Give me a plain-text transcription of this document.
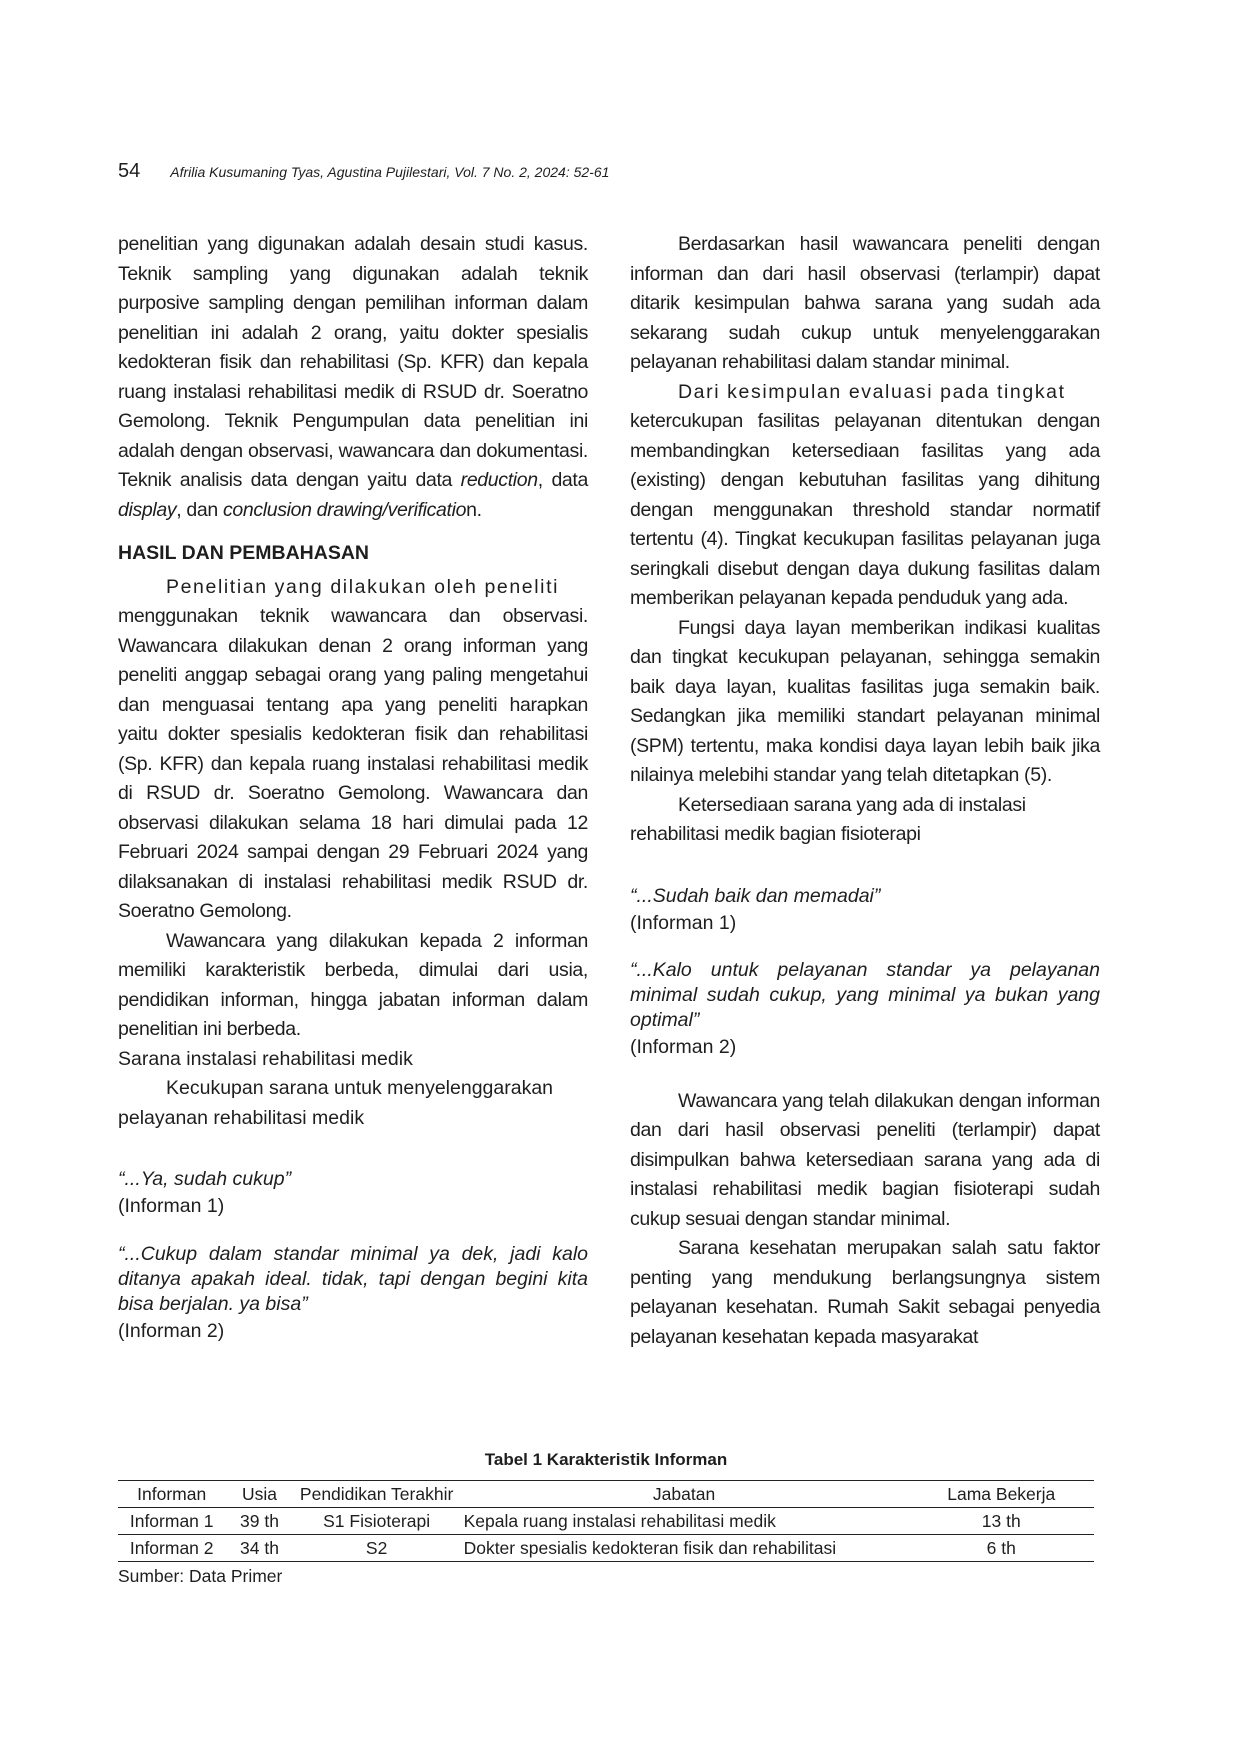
54 Afrilia Kusumaning Tyas, Agustina Pujilestari, Vol. 7 No. 2, 2024: 52-61

penelitian yang digunakan adalah desain studi kasus. Teknik sampling yang digunakan adalah teknik purposive sampling dengan pemilihan informan dalam penelitian ini adalah 2 orang, yaitu dokter spesialis kedokteran fisik dan rehabilitasi (Sp. KFR) dan kepala ruang instalasi rehabilitasi medik di RSUD dr. Soeratno Gemolong. Teknik Pengumpulan data penelitian ini adalah dengan observasi, wawancara dan dokumentasi. Teknik analisis data dengan yaitu data reduction, data display, dan conclusion drawing/verification.

HASIL DAN PEMBAHASAN

Penelitian yang dilakukan oleh peneliti

menggunakan teknik wawancara dan observasi. Wawancara dilakukan denan 2 orang informan yang peneliti anggap sebagai orang yang paling mengetahui dan menguasai tentang apa yang peneliti harapkan yaitu dokter spesialis kedokteran fisik dan rehabilitasi (Sp. KFR) dan kepala ruang instalasi rehabilitasi medik di RSUD dr. Soeratno Gemolong. Wawancara dan observasi dilakukan selama 18 hari dimulai pada 12 Februari 2024 sampai dengan 29 Februari 2024 yang dilaksanakan di instalasi rehabilitasi medik RSUD dr. Soeratno Gemolong.

Wawancara yang dilakukan kepada 2 informan memiliki karakteristik berbeda, dimulai dari usia, pendidikan informan, hingga jabatan informan dalam penelitian ini berbeda.

Sarana instalasi rehabilitasi medik

Kecukupan sarana untuk menyelenggarakan pelayanan rehabilitasi medik

“...Ya, sudah cukup”

(Informan 1)

“...Cukup dalam standar minimal ya dek, jadi kalo ditanya apakah ideal. tidak, tapi dengan begini kita bisa berjalan. ya bisa”

(Informan 2)

Berdasarkan hasil wawancara peneliti dengan informan dan dari hasil observasi (terlampir) dapat ditarik kesimpulan bahwa sarana yang sudah ada sekarang sudah cukup untuk menyelenggarakan pelayanan rehabilitasi dalam standar minimal.

Dari kesimpulan evaluasi pada tingkat

ketercukupan fasilitas pelayanan ditentukan dengan membandingkan ketersediaan fasilitas yang ada (existing) dengan kebutuhan fasilitas yang dihitung dengan menggunakan threshold standar normatif tertentu (4). Tingkat kecukupan fasilitas pelayanan juga seringkali disebut dengan daya dukung fasilitas dalam memberikan pelayanan kepada penduduk yang ada.

Fungsi daya layan memberikan indikasi kualitas dan tingkat kecukupan pelayanan, sehingga semakin baik daya layan, kualitas fasilitas juga semakin baik. Sedangkan jika memiliki standart pelayanan minimal (SPM) tertentu, maka kondisi daya layan lebih baik jika nilainya melebihi standar yang telah ditetapkan (5).

Ketersediaan sarana yang ada di instalasi rehabilitasi medik bagian fisioterapi

“...Sudah baik dan memadai”

(Informan 1)

“...Kalo untuk pelayanan standar ya pelayanan minimal sudah cukup, yang minimal ya bukan yang optimal”

(Informan 2)

Wawancara yang telah dilakukan dengan informan dan dari hasil observasi peneliti (terlampir) dapat disimpulkan bahwa ketersediaan sarana yang ada di instalasi rehabilitasi medik bagian fisioterapi sudah cukup sesuai dengan standar minimal.

Sarana kesehatan merupakan salah satu faktor penting yang mendukung berlangsungnya sistem pelayanan kesehatan. Rumah Sakit sebagai penyedia pelayanan kesehatan kepada masyarakat

Tabel 1 Karakteristik Informan
Informan	Usia	Pendidikan Terakhir	Jabatan	Lama Bekerja
Informan 1	39 th	S1 Fisioterapi	Kepala ruang instalasi rehabilitasi medik	13 th
Informan 2	34 th	S2	Dokter spesialis kedokteran fisik dan rehabilitasi	6 th
Sumber: Data Primer
